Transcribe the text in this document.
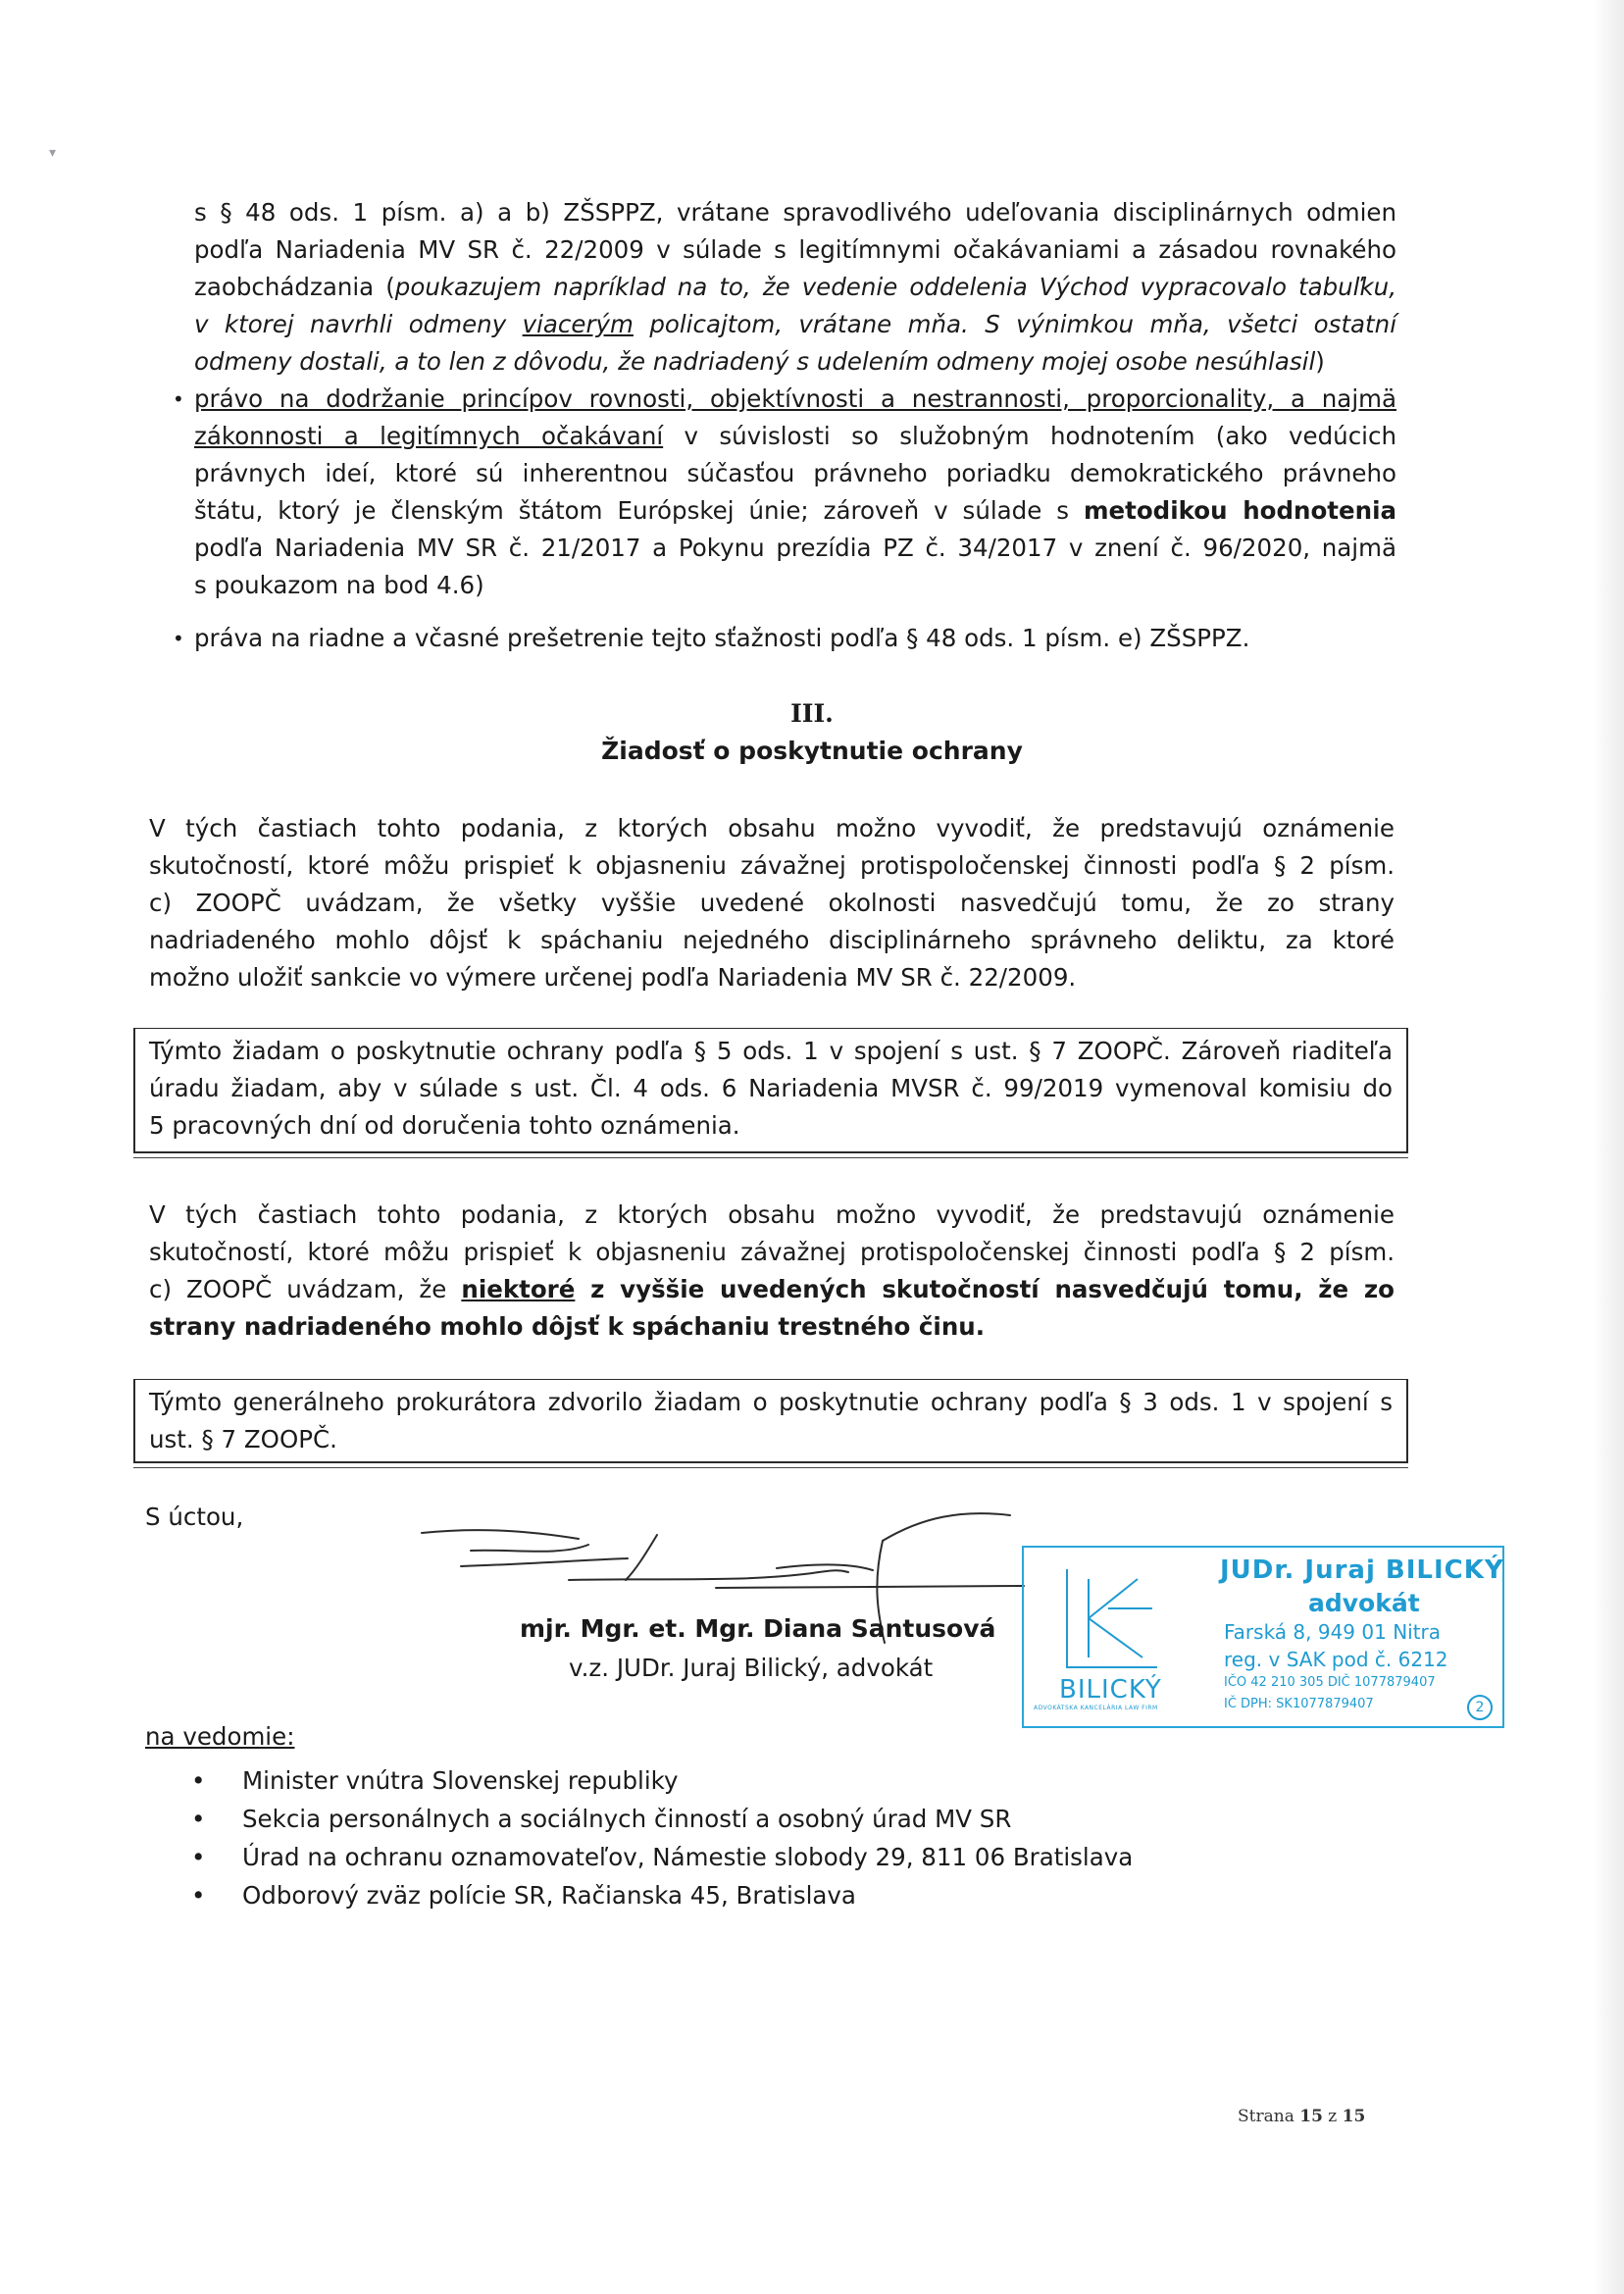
▾
s § 48 ods. 1 písm. a) a b) ZŠSPPZ, vrátane spravodlivého udeľovania disciplinárnych odmien
podľa Nariadenia MV SR č. 22/2009 v súlade s legitímnymi očakávaniami a zásadou rovnakého
zaobchádzania (poukazujem napríklad na to, že vedenie oddelenia Východ vypracovalo tabuľku,
v ktorej navrhli odmeny viacerým policajtom, vrátane mňa. S výnimkou mňa, všetci ostatní
odmeny dostali, a to len z dôvodu, že nadriadený s udelením odmeny mojej osobe nesúhlasil)
• právo na dodržanie princípov rovnosti, objektívnosti a nestrannosti, proporcionality, a najmä
zákonnosti a legitímnych očakávaní v súvislosti so služobným hodnotením (ako vedúcich
právnych ideí, ktoré sú inherentnou súčasťou právneho poriadku demokratického právneho
štátu, ktorý je členským štátom Európskej únie; zároveň v súlade s metodikou hodnotenia
podľa Nariadenia MV SR č. 21/2017 a Pokynu prezídia PZ č. 34/2017 v znení č. 96/2020, najmä
s poukazom na bod 4.6)
• práva na riadne a včasné prešetrenie tejto sťažnosti podľa § 48 ods. 1 písm. e) ZŠSPPZ.
III.
Žiadosť o poskytnutie ochrany
V tých častiach tohto podania, z ktorých obsahu možno vyvodiť, že predstavujú oznámenie
skutočností, ktoré môžu prispieť k objasneniu závažnej protispoločenskej činnosti podľa § 2 písm.
c) ZOOPČ uvádzam, že všetky vyššie uvedené okolnosti nasvedčujú tomu, že zo strany
nadriadeného mohlo dôjsť k spáchaniu nejedného disciplinárneho správneho deliktu, za ktoré
možno uložiť sankcie vo výmere určenej podľa Nariadenia MV SR č. 22/2009.
Týmto žiadam o poskytnutie ochrany podľa § 5 ods. 1 v spojení s ust. § 7 ZOOPČ. Zároveň riaditeľa
úradu žiadam, aby v súlade s ust. Čl. 4 ods. 6 Nariadenia MVSR č. 99/2019 vymenoval komisiu do
5 pracovných dní od doručenia tohto oznámenia.
V tých častiach tohto podania, z ktorých obsahu možno vyvodiť, že predstavujú oznámenie
skutočností, ktoré môžu prispieť k objasneniu závažnej protispoločenskej činnosti podľa § 2 písm.
c) ZOOPČ uvádzam, že niektoré z vyššie uvedených skutočností nasvedčujú tomu, že zo
strany nadriadeného mohlo dôjsť k spáchaniu trestného činu.
Týmto generálneho prokurátora zdvorilo žiadam o poskytnutie ochrany podľa § 3 ods. 1 v spojení s
ust. § 7 ZOOPČ.
S úctou,
mjr. Mgr. et. Mgr. Diana Santusová
v.z. JUDr. Juraj Bilický, advokát
BILICKÝ
ADVOKÁTSKA KANCELÁRIA LAW FIRM
JUDr. Juraj BILICKÝ
advokát
Farská 8, 949 01 Nitra
reg. v SAK pod č. 6212
IČO 42 210 305 DIČ 1077879407
IČ DPH: SK1077879407	2
na vedomie:
• Minister vnútra Slovenskej republiky
• Sekcia personálnych a sociálnych činností a osobný úrad MV SR
• Úrad na ochranu oznamovateľov, Námestie slobody 29, 811 06 Bratislava
• Odborový zväz polície SR, Račianska 45, Bratislava
Strana 15 z 15
